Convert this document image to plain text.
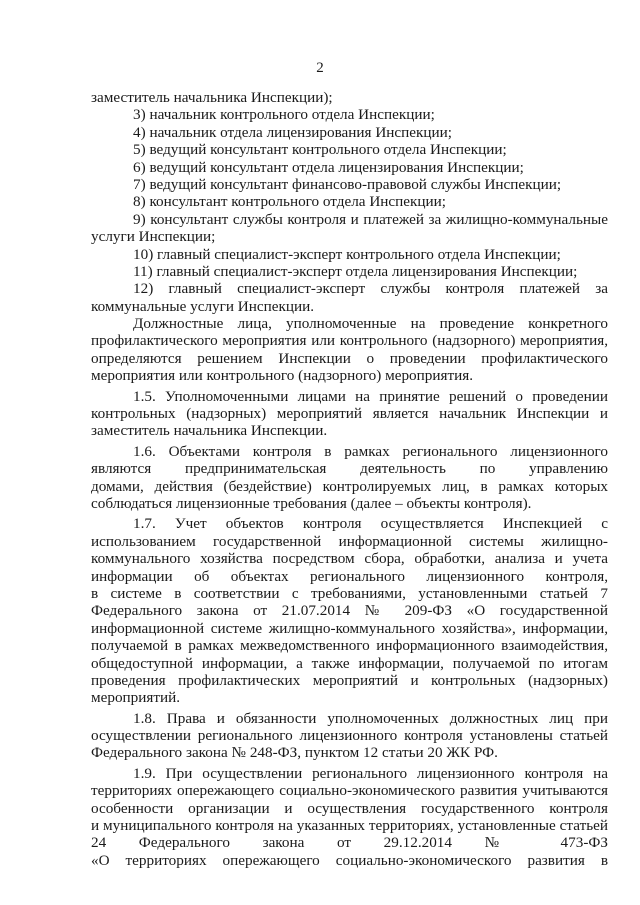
2
заместитель начальника Инспекции);
3) начальник контрольного отдела Инспекции;
4) начальник отдела лицензирования Инспекции;
5) ведущий консультант контрольного отдела Инспекции;
6) ведущий консультант отдела лицензирования Инспекции;
7) ведущий консультант финансово-правовой службы Инспекции;
8) консультант контрольного отдела Инспекции;
9) консультант службы контроля и платежей за жилищно-коммунальные
услуги Инспекции;
10) главный специалист-эксперт контрольного отдела Инспекции;
11) главный специалист-эксперт отдела лицензирования Инспекции;
12) главный специалист-эксперт службы контроля платежей за
коммунальные услуги Инспекции.
Должностные лица, уполномоченные на проведение конкретного
профилактического мероприятия или контрольного (надзорного) мероприятия,
определяются решением Инспекции о проведении профилактического
мероприятия или контрольного (надзорного) мероприятия.
1.5. Уполномоченными лицами на принятие решений о проведении
контрольных (надзорных) мероприятий является начальник Инспекции и
заместитель начальника Инспекции.
1.6. Объектами контроля в рамках регионального лицензионного
являются предпринимательская деятельность по управлению
домами, действия (бездействие) контролируемых лиц, в рамках которых
соблюдаться лицензионные требования (далее – объекты контроля).
1.7. Учет объектов контроля осуществляется Инспекцией с
использованием государственной информационной системы жилищно-
коммунального хозяйства посредством сбора, обработки, анализа и учета
информации об объектах регионального лицензионного контроля,
в системе в соответствии с требованиями, установленными статьей 7
Федерального закона от 21.07.2014 № 209-ФЗ «О государственной
информационной системе жилищно-коммунального хозяйства», информации,
получаемой в рамках межведомственного информационного взаимодействия,
общедоступной информации, а также информации, получаемой по итогам
проведения профилактических мероприятий и контрольных (надзорных)
мероприятий.
1.8. Права и обязанности уполномоченных должностных лиц при
осуществлении регионального лицензионного контроля установлены статьей
Федерального закона № 248-ФЗ, пунктом 12 статьи 20 ЖК РФ.
1.9. При осуществлении регионального лицензионного контроля на
территориях опережающего социально-экономического развития учитываются
особенности организации и осуществления государственного контроля
и муниципального контроля на указанных территориях, установленные статьей
24 Федерального закона от 29.12.2014 № 473-ФЗ
«О территориях опережающего социально-экономического развития в
